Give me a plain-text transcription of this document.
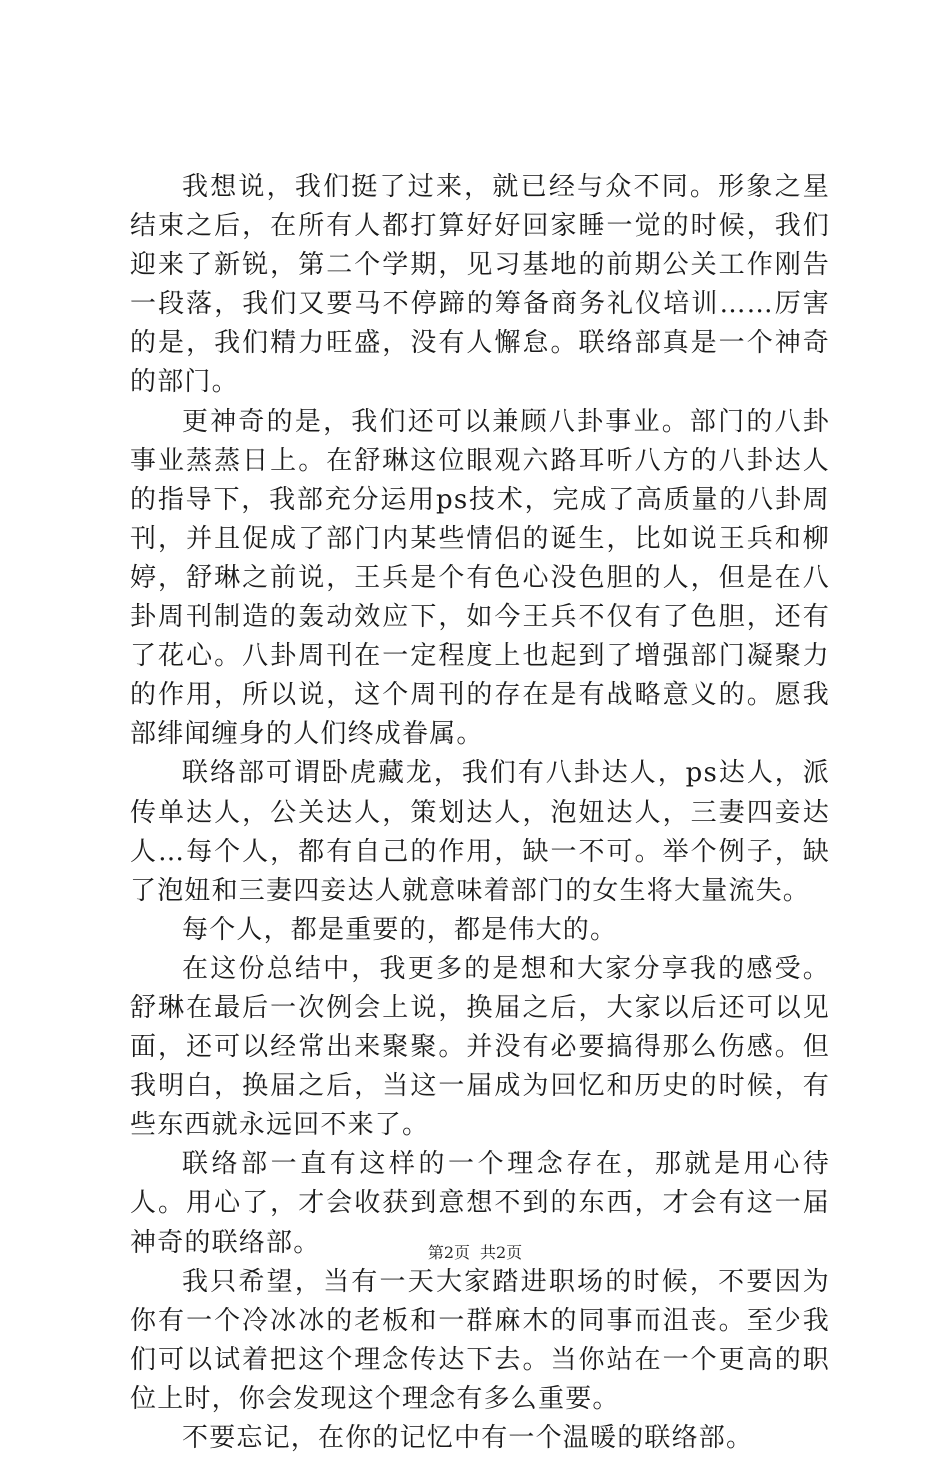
我想说，我们挺了过来，就已经与众不同。形象之星结束之后，在所有人都打算好好回家睡一觉的时候，我们迎来了新锐，第二个学期，见习基地的前期公关工作刚告一段落，我们又要马不停蹄的筹备商务礼仪培训……厉害的是，我们精力旺盛，没有人懈怠。联络部真是一个神奇的部门。

更神奇的是，我们还可以兼顾八卦事业。部门的八卦事业蒸蒸日上。在舒琳这位眼观六路耳听八方的八卦达人的指导下，我部充分运用ps技术，完成了高质量的八卦周刊，并且促成了部门内某些情侣的诞生，比如说王兵和柳婷，舒琳之前说，王兵是个有色心没色胆的人，但是在八卦周刊制造的轰动效应下，如今王兵不仅有了色胆，还有了花心。八卦周刊在一定程度上也起到了增强部门凝聚力的作用，所以说，这个周刊的存在是有战略意义的。愿我部绯闻缠身的人们终成眷属。

联络部可谓卧虎藏龙，我们有八卦达人，ps达人，派传单达人，公关达人，策划达人，泡妞达人，三妻四妾达人…每个人，都有自己的作用，缺一不可。举个例子，缺了泡妞和三妻四妾达人就意味着部门的女生将大量流失。

每个人，都是重要的，都是伟大的。

在这份总结中，我更多的是想和大家分享我的感受。舒琳在最后一次例会上说，换届之后，大家以后还可以见面，还可以经常出来聚聚。并没有必要搞得那么伤感。但我明白，换届之后，当这一届成为回忆和历史的时候，有些东西就永远回不来了。

联络部一直有这样的一个理念存在，那就是用心待人。用心了，才会收获到意想不到的东西，才会有这一届神奇的联络部。

我只希望，当有一天大家踏进职场的时候，不要因为你有一个冷冰冰的老板和一群麻木的同事而沮丧。至少我们可以试着把这个理念传达下去。当你站在一个更高的职位上时，你会发现这个理念有多么重要。

不要忘记，在你的记忆中有一个温暖的联络部。

第2页 共2页
